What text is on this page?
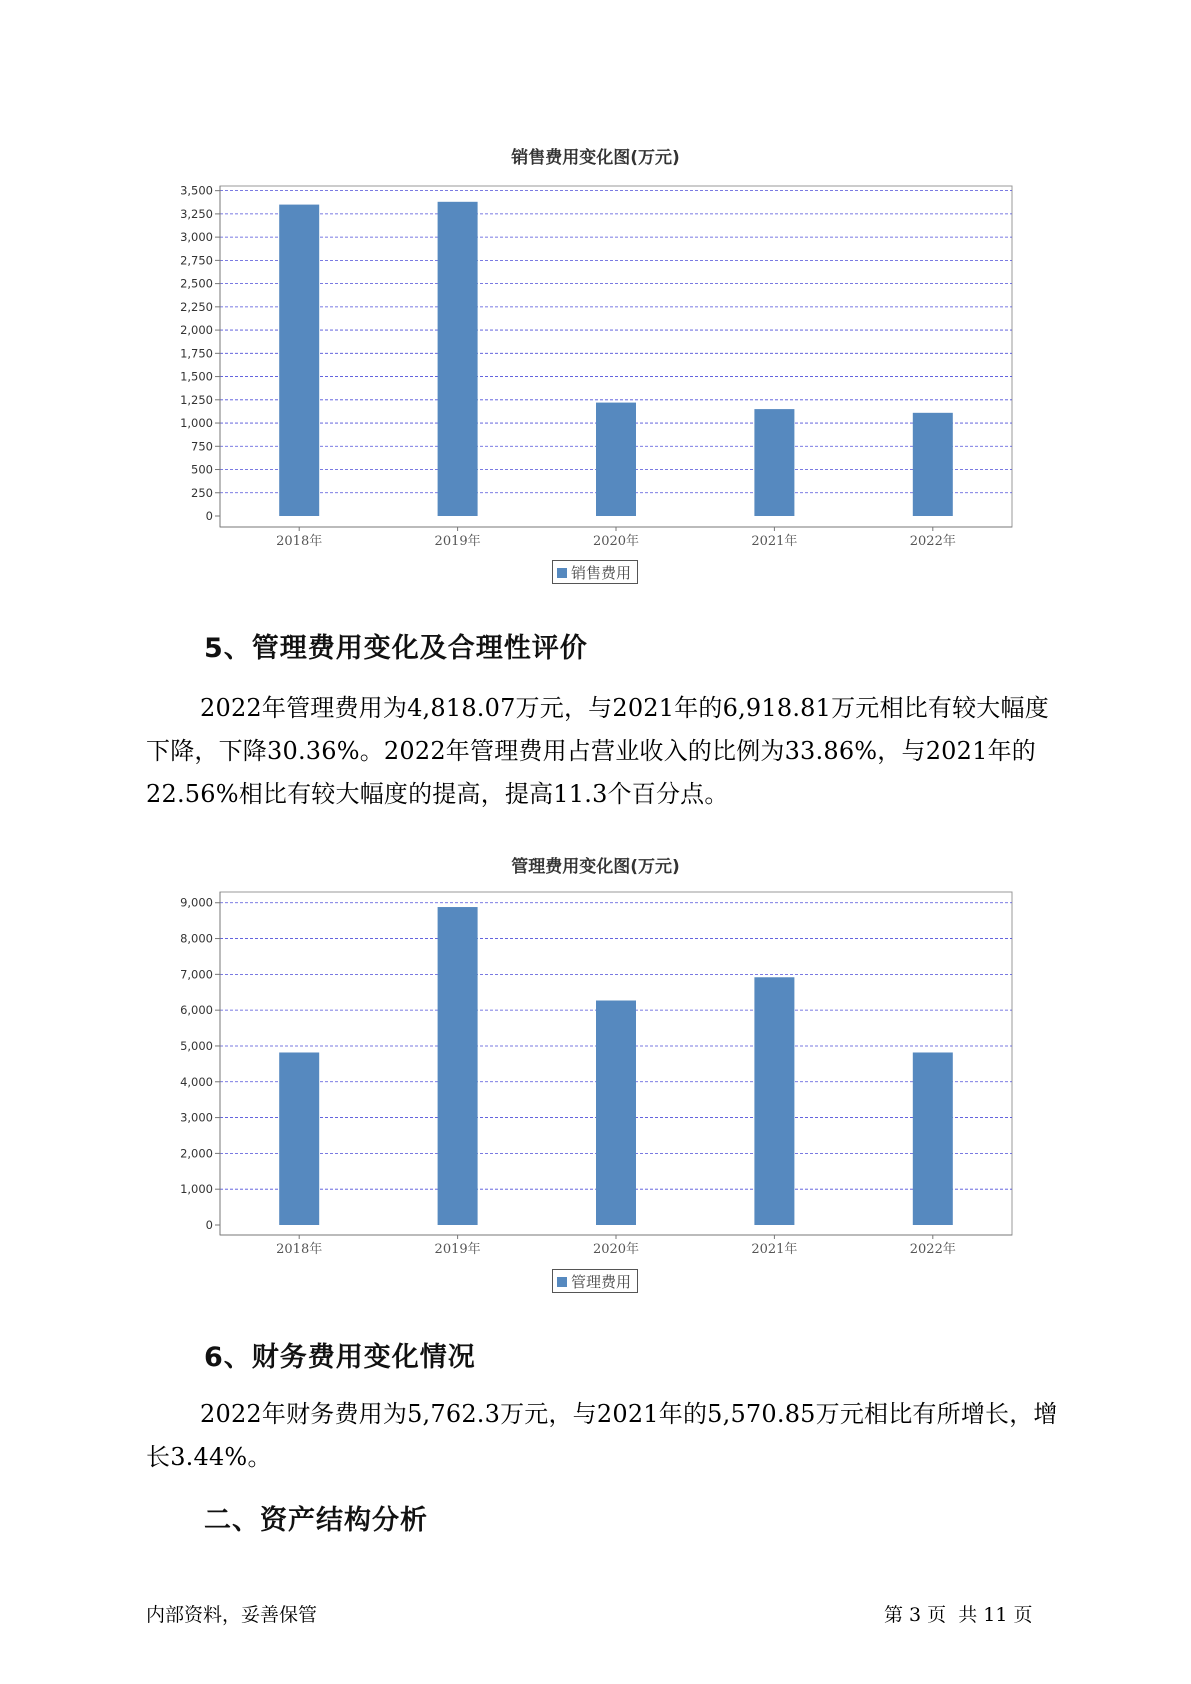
销售费用变化图(万元)
0
250
500
750
1,000
1,250
1,500
1,750
2,000
2,250
2,500
2,750
3,000
3,250
3,500
2018年	2019年	2020年	2021年	2022年
销售费用
5、管理费用变化及合理性评价

2022年管理费用为4,818.07万元，与2021年的6,918.81万元相比有较大幅度下降，下降30.36%。2022年管理费用占营业收入的比例为33.86%，与2021年的22.56%相比有较大幅度的提高，提高11.3个百分点。

管理费用变化图(万元)
0
1,000
2,000
3,000
4,000
5,000
6,000
7,000
8,000
9,000
2018年	2019年	2020年	2021年	2022年
管理费用
6、财务费用变化情况

2022年财务费用为5,762.3万元，与2021年的5,570.85万元相比有所增长，增长3.44%。

二、资产结构分析
内部资料，妥善保管	第 3 页  共 11 页
